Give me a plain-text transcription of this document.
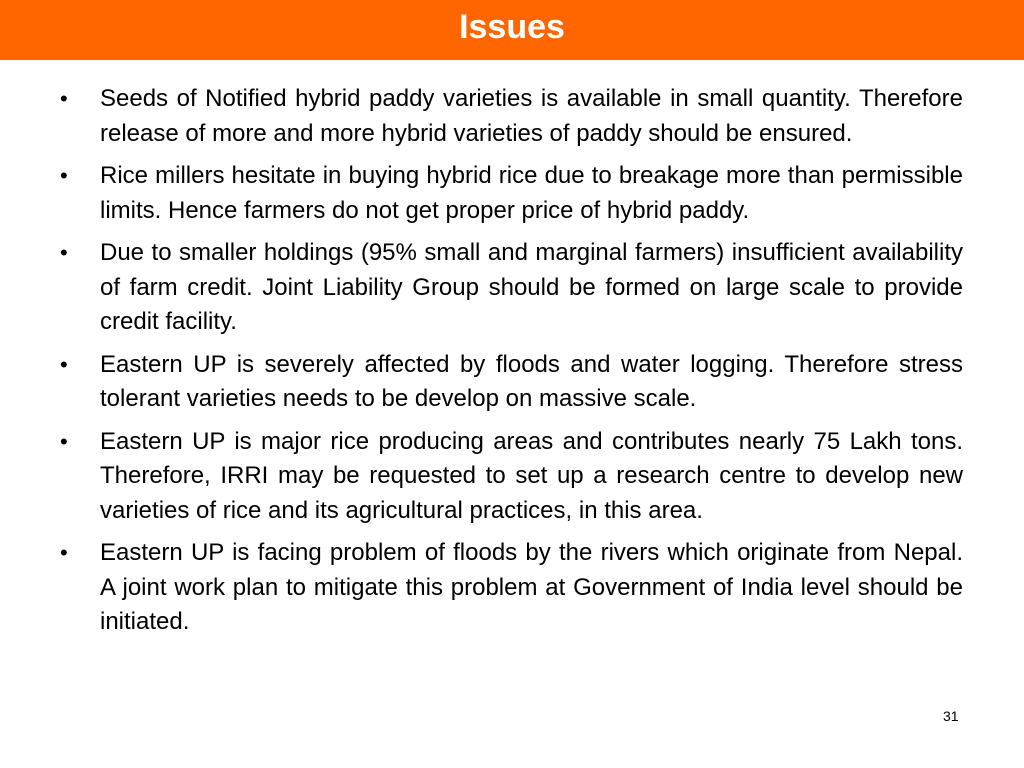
Issues
• Seeds of Notified hybrid paddy varieties is available in small quantity. Therefore release of more and more hybrid varieties of paddy should be ensured.
• Rice millers hesitate in buying hybrid rice due to breakage more than permissible limits. Hence farmers do not get proper price of hybrid paddy.
• Due to smaller holdings (95% small and marginal farmers) insufficient availability of farm credit. Joint Liability Group should be formed on large scale to provide credit facility.
• Eastern UP is severely affected by floods and water logging. Therefore stress tolerant varieties needs to be develop on massive scale.
• Eastern UP is major rice producing areas and contributes nearly 75 Lakh tons. Therefore, IRRI may be requested to set up a research centre to develop new varieties of rice and its agricultural practices, in this area.
• Eastern UP is facing problem of floods by the rivers which originate from Nepal. A joint work plan to mitigate this problem at Government of India level should be initiated.
31
